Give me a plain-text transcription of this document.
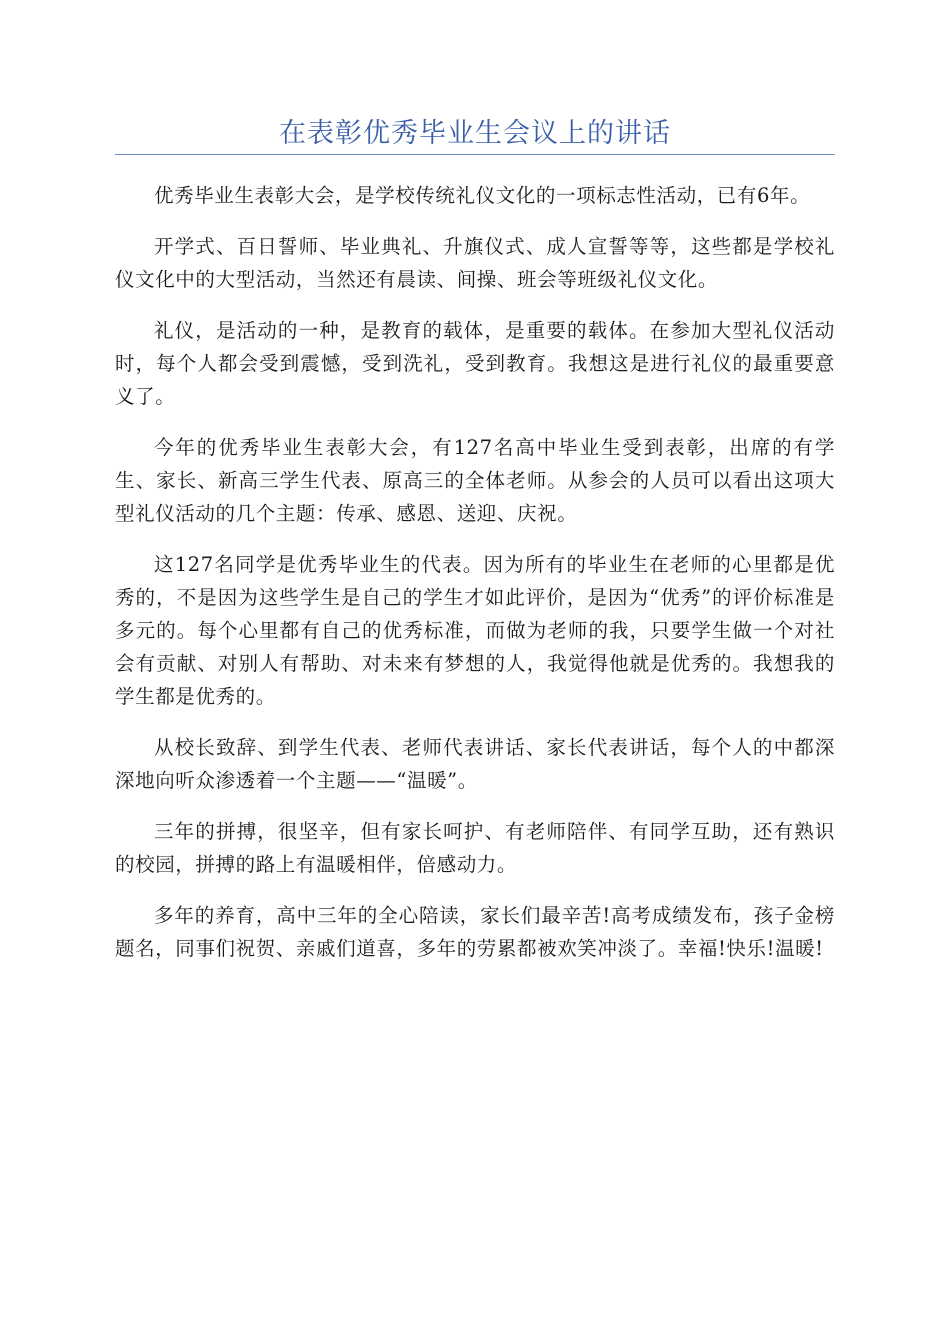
在表彰优秀毕业生会议上的讲话

优秀毕业生表彰大会，是学校传统礼仪文化的一项标志性活动，已有6年。

开学式、百日誓师、毕业典礼、升旗仪式、成人宣誓等等，这些都是学校礼仪文化中的大型活动，当然还有晨读、间操、班会等班级礼仪文化。

礼仪，是活动的一种，是教育的载体，是重要的载体。在参加大型礼仪活动时，每个人都会受到震憾，受到洗礼，受到教育。我想这是进行礼仪的最重要意义了。

今年的优秀毕业生表彰大会，有127名高中毕业生受到表彰，出席的有学生、家长、新高三学生代表、原高三的全体老师。从参会的人员可以看出这项大型礼仪活动的几个主题：传承、感恩、送迎、庆祝。

这127名同学是优秀毕业生的代表。因为所有的毕业生在老师的心里都是优秀的，不是因为这些学生是自己的学生才如此评价，是因为“优秀”的评价标准是多元的。每个心里都有自己的优秀标准，而做为老师的我，只要学生做一个对社会有贡献、对别人有帮助、对未来有梦想的人，我觉得他就是优秀的。我想我的学生都是优秀的。

从校长致辞、到学生代表、老师代表讲话、家长代表讲话，每个人的中都深深地向听众渗透着一个主题——“温暖”。

三年的拼搏，很坚辛，但有家长呵护、有老师陪伴、有同学互助，还有熟识的校园，拼搏的路上有温暖相伴，倍感动力。

多年的养育，高中三年的全心陪读，家长们最辛苦!高考成绩发布，孩子金榜题名，同事们祝贺、亲戚们道喜，多年的劳累都被欢笑冲淡了。幸福!快乐!温暖!
